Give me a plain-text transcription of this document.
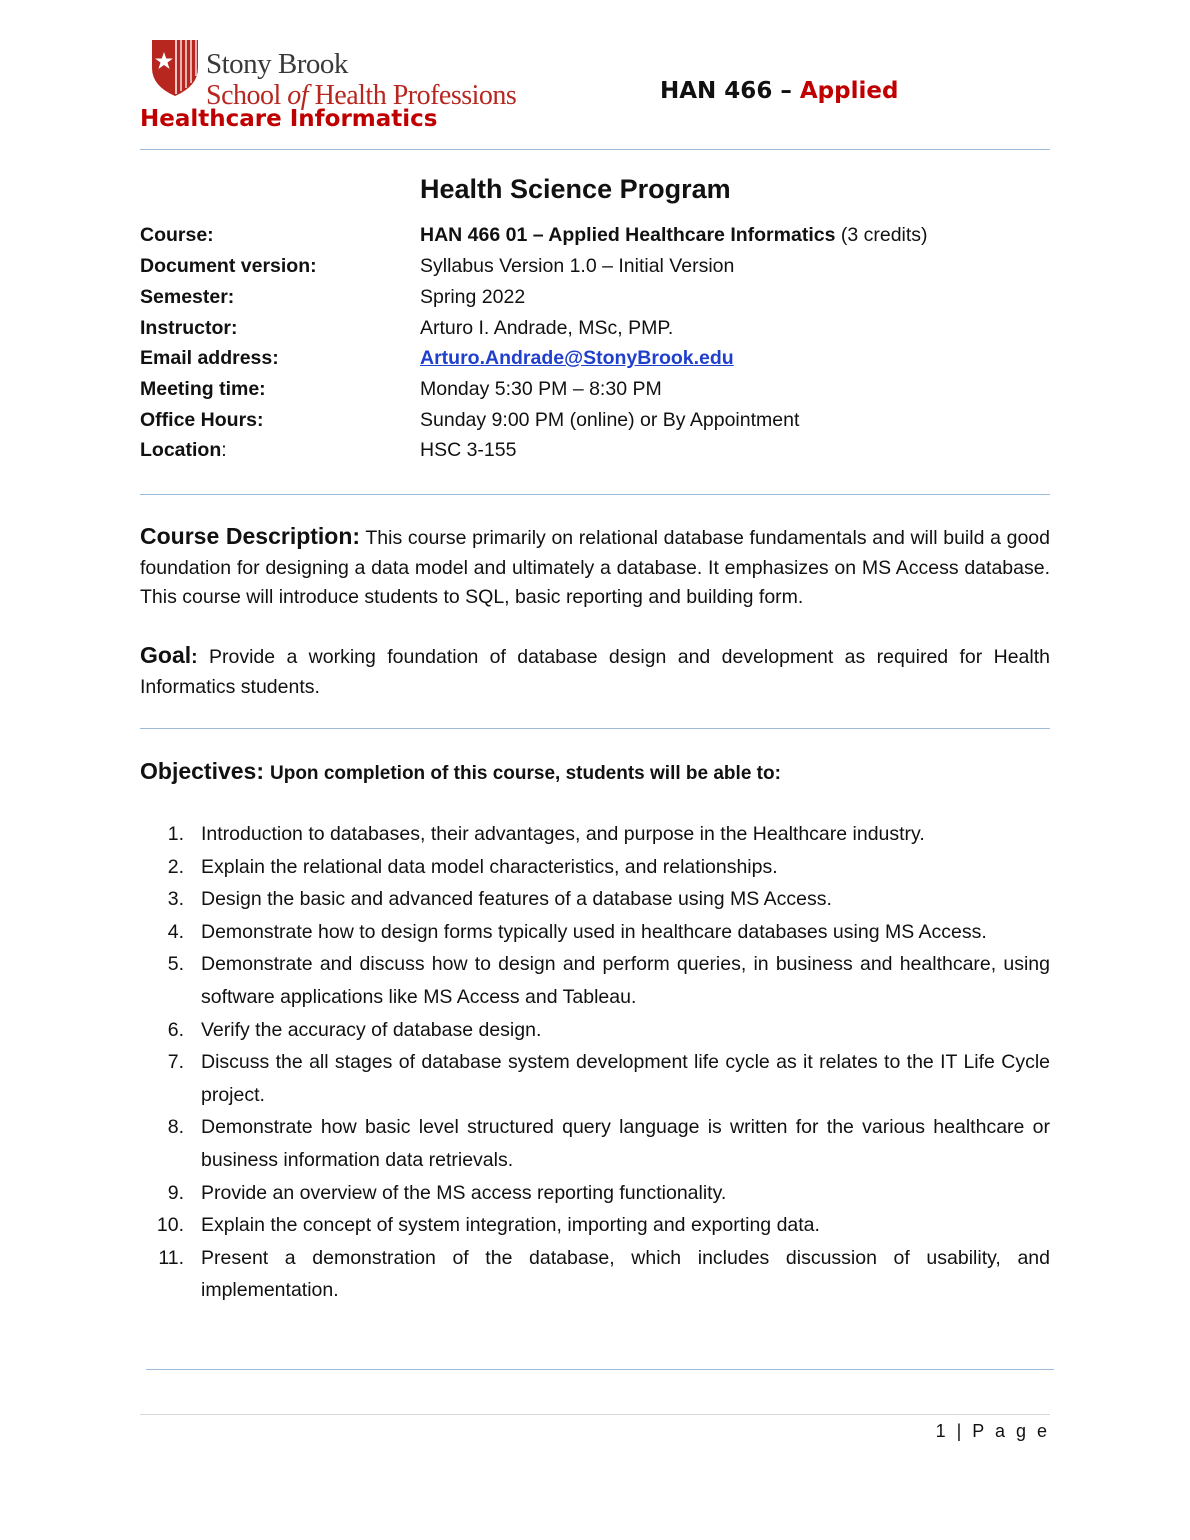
Stony Brook
School of Health Professions	HAN 466 – Applied
Healthcare Informatics
Health Science Program
Course:	HAN 466 01 – Applied Healthcare Informatics (3 credits)
Document version:	Syllabus Version 1.0 – Initial Version
Semester:	Spring 2022
Instructor:	Arturo I. Andrade, MSc, PMP.
Email address:	Arturo.Andrade@StonyBrook.edu
Meeting time:	Monday 5:30 PM – 8:30 PM
Office Hours:	Sunday 9:00 PM (online) or By Appointment
Location:	HSC 3-155
Course Description: This course primarily on relational database fundamentals and will build a good foundation for designing a data model and ultimately a database. It emphasizes on MS Access database. This course will introduce students to SQL, basic reporting and building form.
Goal: Provide a working foundation of database design and development as required for Health Informatics students.
Objectives: Upon completion of this course, students will be able to:
1. Introduction to databases, their advantages, and purpose in the Healthcare industry.
2. Explain the relational data model characteristics, and relationships.
3. Design the basic and advanced features of a database using MS Access.
4. Demonstrate how to design forms typically used in healthcare databases using MS Access.
5. Demonstrate and discuss how to design and perform queries, in business and healthcare, using software applications like MS Access and Tableau.
6. Verify the accuracy of database design.
7. Discuss the all stages of database system development life cycle as it relates to the IT Life Cycle project.
8. Demonstrate how basic level structured query language is written for the various healthcare or business information data retrievals.
9. Provide an overview of the MS access reporting functionality.
10. Explain the concept of system integration, importing and exporting data.
11. Present a demonstration of the database, which includes discussion of usability, and implementation.
1 | P a g e
